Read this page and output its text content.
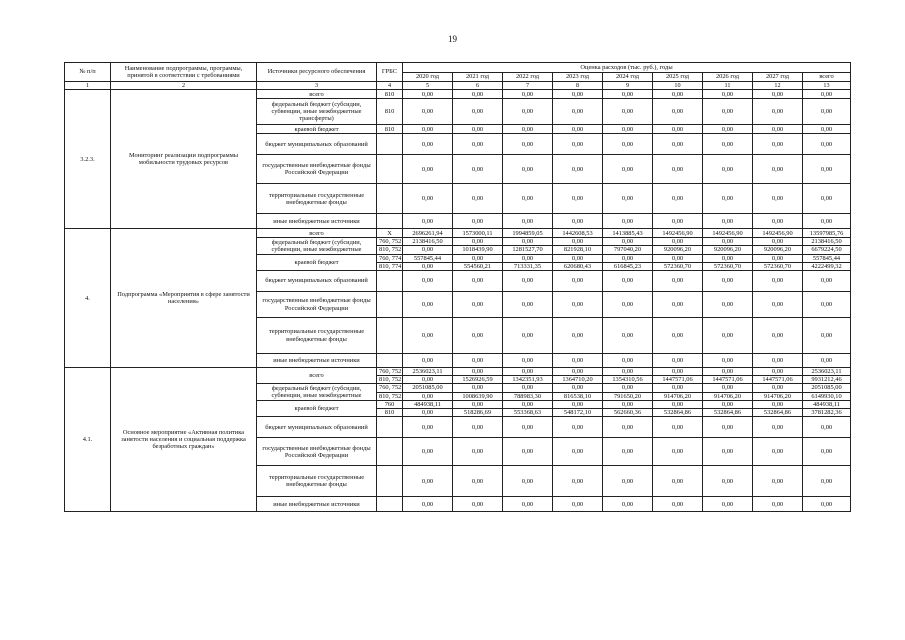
19
№ п/п	Наименование подпрограммы, программы, принятой в соответствии с требованиями	Источники ресурсного обеспечения	ГРБС	Оценка расходов (тыс. руб.), годы								
				2020 год	2021 год	2022 год	2023 год	2024 год	2025 год	2026 год	2027 год	всего
1	2	3	4	5	6	7	8	9	10	11	12	13
3.2.3.	Мониторинг реализации подпрограммы мобильности трудовых ресурсов	всего	810	0,00	0,00	0,00	0,00	0,00	0,00	0,00	0,00	0,00
		федеральный бюджет (субсидии, субвенции, иные межбюджетные трансферты)	810	0,00	0,00	0,00	0,00	0,00	0,00	0,00	0,00	0,00
		краевой бюджет	810	0,00	0,00	0,00	0,00	0,00	0,00	0,00	0,00	0,00
		бюджет муниципальных образований		0,00	0,00	0,00	0,00	0,00	0,00	0,00	0,00	0,00
		государственные внебюджетные фонды Российской Федерации		0,00	0,00	0,00	0,00	0,00	0,00	0,00	0,00	0,00
		территориальные государственные внебюджетные фонды		0,00	0,00	0,00	0,00	0,00	0,00	0,00	0,00	0,00
		иные внебюджетные источники		0,00	0,00	0,00	0,00	0,00	0,00	0,00	0,00	0,00
4.	Подпрограмма «Мероприятия в сфере занятости населения»	всего	X	2696261,94	1573000,11	1994859,05	1442608,53	1413885,43	1492456,90	1492456,90	1492456,90	13597985,76
		федеральный бюджет (субсидии, субвенции, иные межбюджетные	760, 752	2138416,50	0,00	0,00	0,00	0,00	0,00	0,00	0,00	2138416,50
			810, 752	0,00	1018439,90	1281527,70	821928,10	797040,20	920096,20	920096,20	920096,20	6679224,50
		краевой бюджет	760, 774	557845,44	0,00	0,00	0,00	0,00	0,00	0,00	0,00	557845,44
			810, 774	0,00	554560,21	713331,35	620680,43	616845,23	572360,70	572360,70	572360,70	4222499,32
		бюджет муниципальных образований		0,00	0,00	0,00	0,00	0,00	0,00	0,00	0,00	0,00
		государственные внебюджетные фонды Российской Федерации		0,00	0,00	0,00	0,00	0,00	0,00	0,00	0,00	0,00
		территориальные государственные внебюджетные фонды		0,00	0,00	0,00	0,00	0,00	0,00	0,00	0,00	0,00
		иные внебюджетные источники		0,00	0,00	0,00	0,00	0,00	0,00	0,00	0,00	0,00
4.1.	Основное мероприятие «Активная политика занятости населения и социальная поддержка безработных граждан»	всего	760, 752	2536023,11	0,00	0,00	0,00	0,00	0,00	0,00	0,00	2536023,11
			810, 752	0,00	1526926,59	1342351,93	1364710,20	1354310,56	1447571,06	1447571,06	1447571,06	9931212,46
		федеральный бюджет (субсидии, субвенции, иные межбюджетные	760, 752	2051085,00	0,00	0,00	0,00	0,00	0,00	0,00	0,00	2051085,00
			810, 752	0,00	1008639,90	788983,30	816538,10	791650,20	914706,20	914706,20	914706,20	6149930,10
		краевой бюджет	760	484938,11	0,00	0,00	0,00	0,00	0,00	0,00	0,00	484938,11
			810	0,00	518286,69	553368,63	548172,10	562660,36	532864,86	532864,86	532864,86	3781282,36
		бюджет муниципальных образований		0,00	0,00	0,00	0,00	0,00	0,00	0,00	0,00	0,00
		государственные внебюджетные фонды Российской Федерации		0,00	0,00	0,00	0,00	0,00	0,00	0,00	0,00	0,00
		территориальные государственные внебюджетные фонды		0,00	0,00	0,00	0,00	0,00	0,00	0,00	0,00	0,00
		иные внебюджетные источники		0,00	0,00	0,00	0,00	0,00	0,00	0,00	0,00	0,00
